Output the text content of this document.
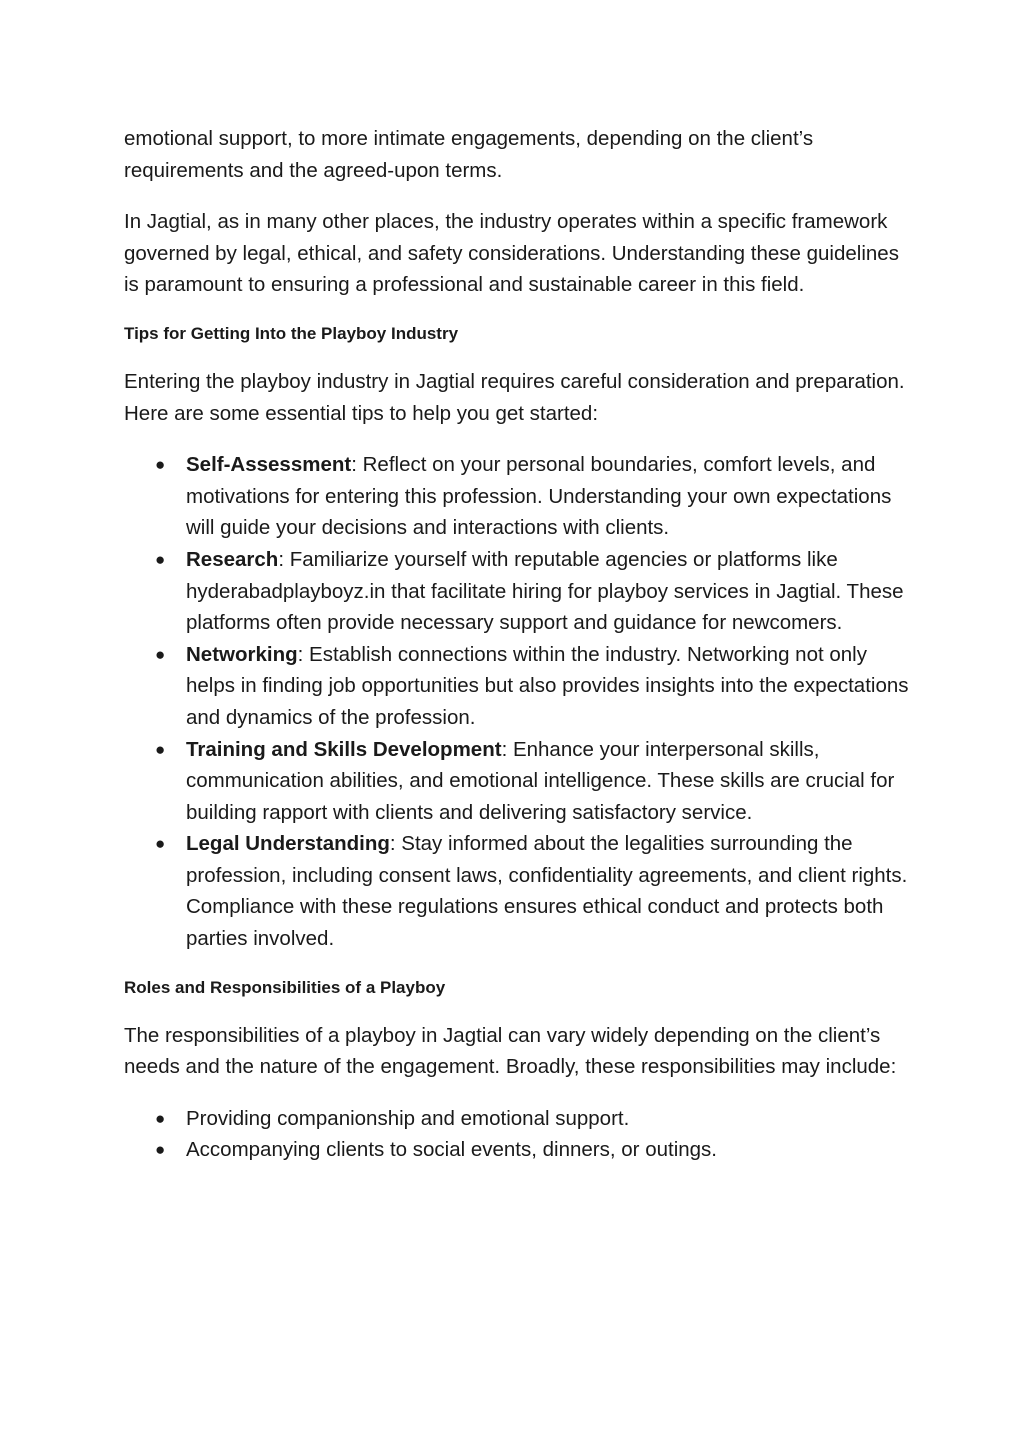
emotional support, to more intimate engagements, depending on the client’s requirements and the agreed-upon terms.

In Jagtial, as in many other places, the industry operates within a specific framework governed by legal, ethical, and safety considerations. Understanding these guidelines is paramount to ensuring a professional and sustainable career in this field.

Tips for Getting Into the Playboy Industry

Entering the playboy industry in Jagtial requires careful consideration and preparation. Here are some essential tips to help you get started:

● Self-Assessment: Reflect on your personal boundaries, comfort levels, and motivations for entering this profession. Understanding your own expectations will guide your decisions and interactions with clients.
● Research: Familiarize yourself with reputable agencies or platforms like hyderabadplayboyz.in that facilitate hiring for playboy services in Jagtial. These platforms often provide necessary support and guidance for newcomers.
● Networking: Establish connections within the industry. Networking not only helps in finding job opportunities but also provides insights into the expectations and dynamics of the profession.
● Training and Skills Development: Enhance your interpersonal skills, communication abilities, and emotional intelligence. These skills are crucial for building rapport with clients and delivering satisfactory service.
● Legal Understanding: Stay informed about the legalities surrounding the profession, including consent laws, confidentiality agreements, and client rights. Compliance with these regulations ensures ethical conduct and protects both parties involved.
Roles and Responsibilities of a Playboy

The responsibilities of a playboy in Jagtial can vary widely depending on the client’s needs and the nature of the engagement. Broadly, these responsibilities may include:

● Providing companionship and emotional support.
● Accompanying clients to social events, dinners, or outings.
